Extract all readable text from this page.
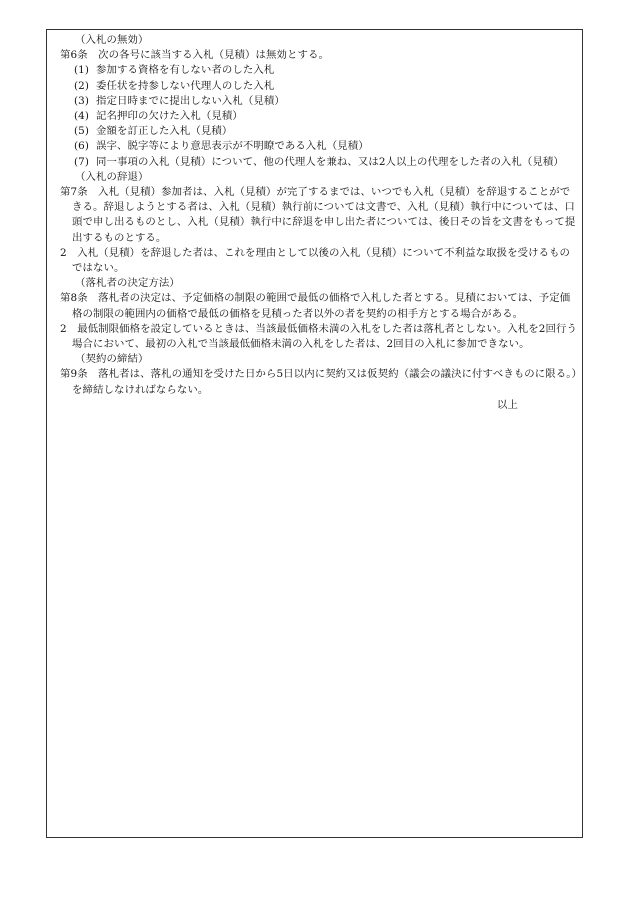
（入札の無効）
第6条　次の各号に該当する入札（見積）は無効とする。
(1) 参加する資格を有しない者のした入札
(2) 委任状を持参しない代理人のした入札
(3) 指定日時までに提出しない入札（見積）
(4) 記名押印の欠けた入札（見積）
(5) 金額を訂正した入札（見積）
(6) 誤字、脱字等により意思表示が不明瞭である入札（見積）
(7) 同一事項の入札（見積）について、他の代理人を兼ね、又は2人以上の代理をした者の入札（見積）
（入札の辞退）
第7条　入札（見積）参加者は、入札（見積）が完了するまでは、いつでも入札（見積）を辞退することができる。辞退しようとする者は、入札（見積）執行前については文書で、入札（見積）執行中については、口頭で申し出るものとし、入札（見積）執行中に辞退を申し出た者については、後日その旨を文書をもって提出するものとする。
2　入札（見積）を辞退した者は、これを理由として以後の入札（見積）について不利益な取扱を受けるものではない。
（落札者の決定方法）
第8条　落札者の決定は、予定価格の制限の範囲で最低の価格で入札した者とする。見積においては、予定価格の制限の範囲内の価格で最低の価格を見積った者以外の者を契約の相手方とする場合がある。
2　最低制限価格を設定しているときは、当該最低価格未満の入札をした者は落札者としない。入札を2回行う場合において、最初の入札で当該最低価格未満の入札をした者は、2回目の入札に参加できない。
（契約の締結）
第9条　落札者は、落札の通知を受けた日から5日以内に契約又は仮契約（議会の議決に付すべきものに限る。）を締結しなければならない。
以上
